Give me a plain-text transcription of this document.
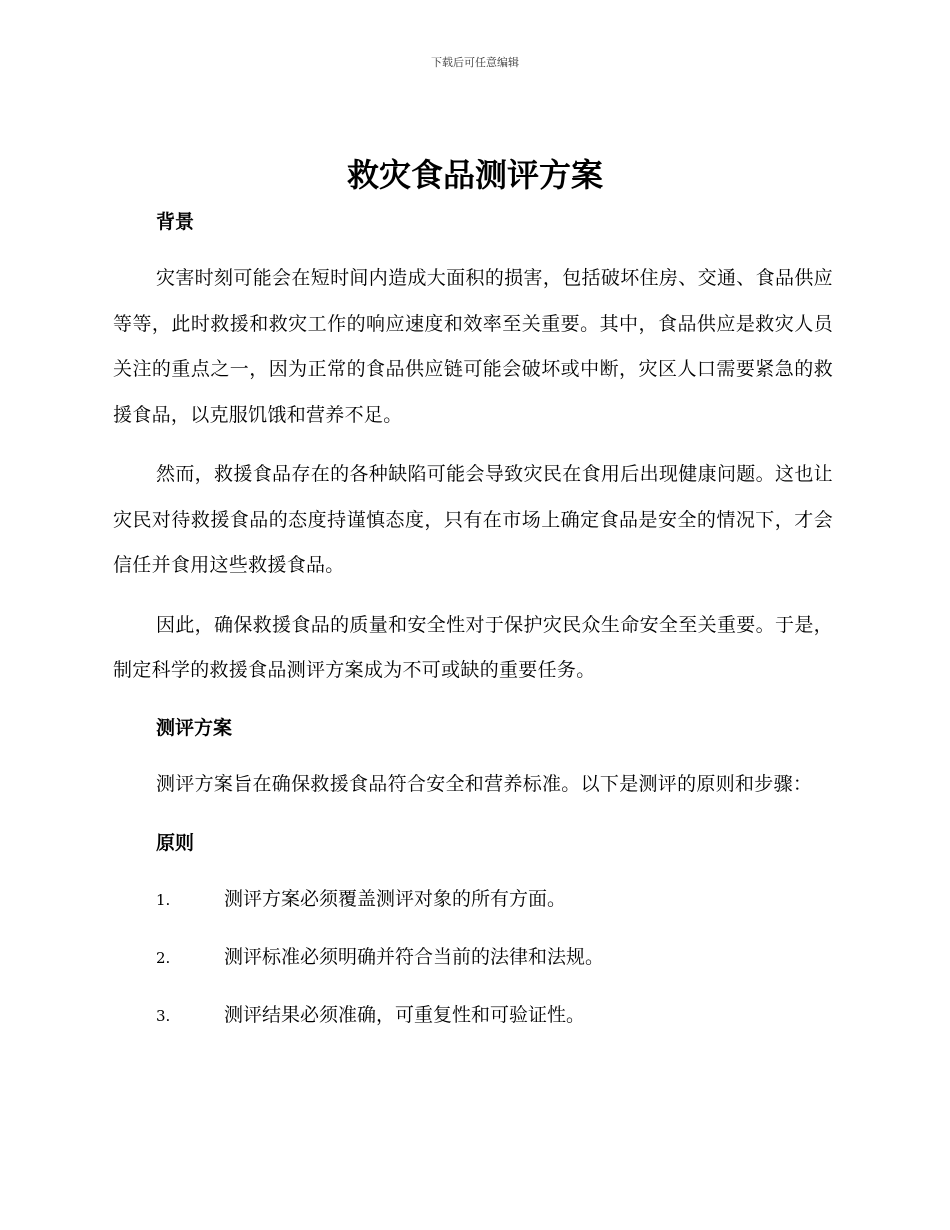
下载后可任意编辑
救灾食品测评方案
背景

灾害时刻可能会在短时间内造成大面积的损害，包括破坏住房、交通、食品供应等等，此时救援和救灾工作的响应速度和效率至关重要。其中，食品供应是救灾人员关注的重点之一，因为正常的食品供应链可能会破坏或中断，灾区人口需要紧急的救援食品，以克服饥饿和营养不足。

然而，救援食品存在的各种缺陷可能会导致灾民在食用后出现健康问题。这也让灾民对待救援食品的态度持谨慎态度，只有在市场上确定食品是安全的情况下，才会信任并食用这些救援食品。

因此，确保救援食品的质量和安全性对于保护灾民众生命安全至关重要。于是，制定科学的救援食品测评方案成为不可或缺的重要任务。

测评方案

测评方案旨在确保救援食品符合安全和营养标准。以下是测评的原则和步骤：

原则
1.	测评方案必须覆盖测评对象的所有方面。
2.	测评标准必须明确并符合当前的法律和法规。
3.	测评结果必须准确，可重复性和可验证性。
